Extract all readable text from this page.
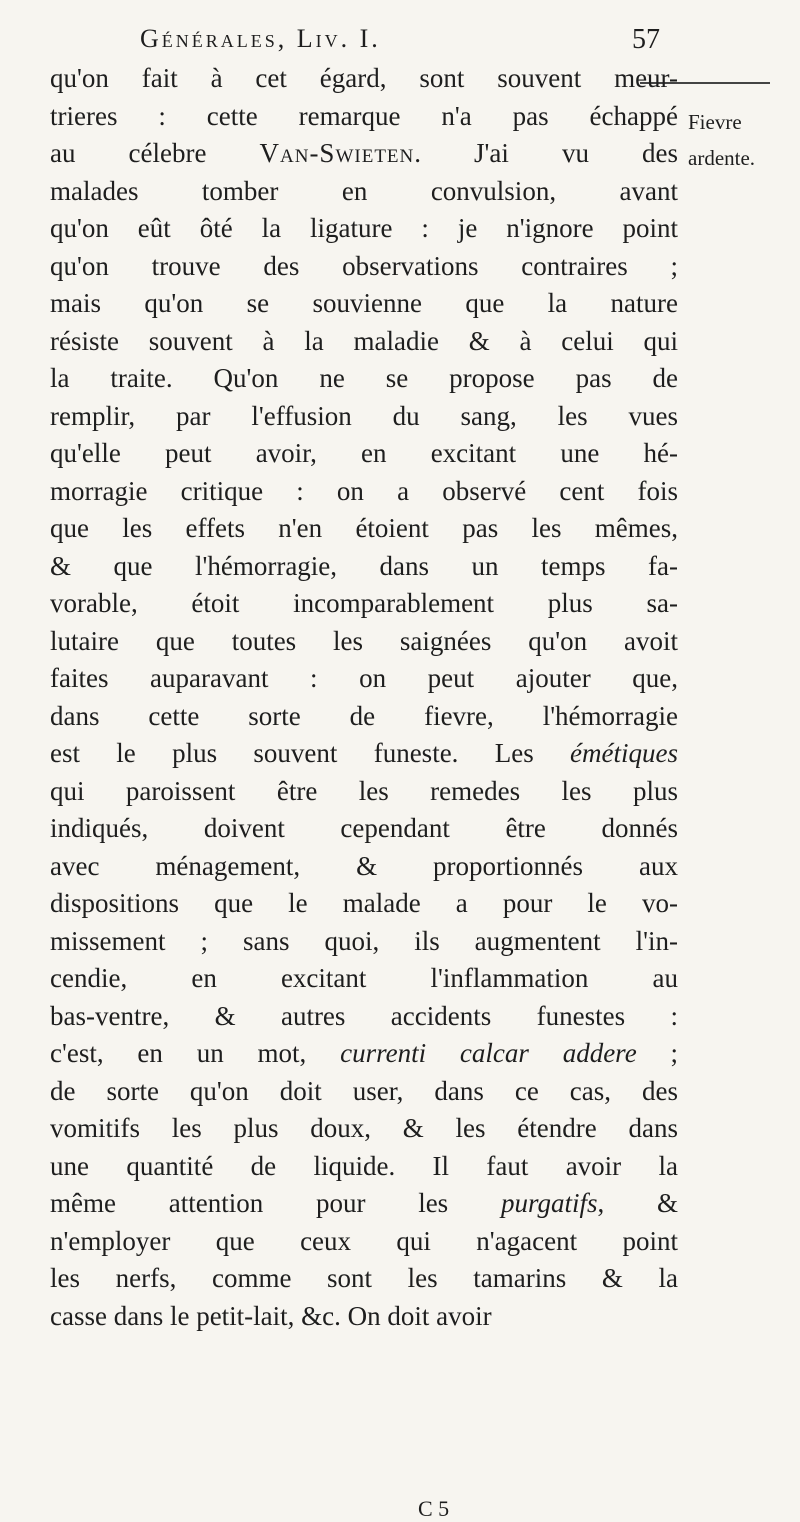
Générales, Liv. I.	57
Fievre
ardente.
qu'on fait à cet égard, sont souvent meur-
trieres : cette remarque n'a pas échappé
au célebre Van-Swieten. J'ai vu des
malades tomber en convulsion, avant
qu'on eût ôté la ligature : je n'ignore point
qu'on trouve des observations contraires ;
mais qu'on se souvienne que la nature
résiste souvent à la maladie & à celui qui
la traite. Qu'on ne se propose pas de
remplir, par l'effusion du sang, les vues
qu'elle peut avoir, en excitant une hé-
morragie critique : on a observé cent fois
que les effets n'en étoient pas les mêmes,
& que l'hémorragie, dans un temps fa-
vorable, étoit incomparablement plus sa-
lutaire que toutes les saignées qu'on avoit
faites auparavant : on peut ajouter que,
dans cette sorte de fievre, l'hémorragie
est le plus souvent funeste. Les émétiques
qui paroissent être les remedes les plus
indiqués, doivent cependant être donnés
avec ménagement, & proportionnés aux
dispositions que le malade a pour le vo-
missement ; sans quoi, ils augmentent l'in-
cendie, en excitant l'inflammation au
bas-ventre, & autres accidents funestes :
c'est, en un mot, currenti calcar addere ;
de sorte qu'on doit user, dans ce cas, des
vomitifs les plus doux, & les étendre dans
une quantité de liquide. Il faut avoir la
même attention pour les purgatifs, &
n'employer que ceux qui n'agacent point
les nerfs, comme sont les tamarins & la
casse dans le petit-lait, &c. On doit avoir
C 5
